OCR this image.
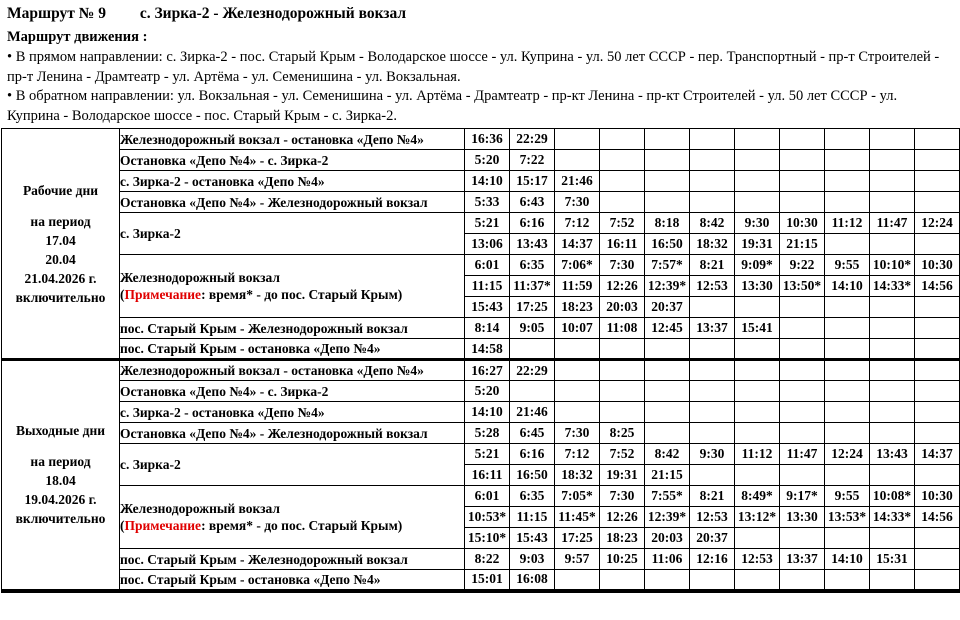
Маршрут № 9 с. Зирка-2 - Железнодорожный вокзал
Маршрут движения :

• В прямом направлении: с. Зирка-2 - пос. Старый Крым - Володарское шоссе - ул. Куприна - ул. 50 лет СССР - пер. Транспортный - пр-т Строителей - пр-т Ленина - Драмтеатр - ул. Артёма - ул. Семенишина - ул. Вокзальная.

• В обратном направлении: ул. Вокзальная - ул. Семенишина - ул. Артёма - Драмтеатр - пр-кт Ленина - пр-кт Строителей - ул. 50 лет СССР - ул. Куприна - Володарское шоссе - пос. Старый Крым - с. Зирка-2.

Рабочие дни
на период
17.04
20.04
21.04.2026 г.
включительно

Железнодорожный вокзал - остановка «Депо №4»	16:36	22:29									

	Остановка «Депо №4» - с. Зирка-2	5:20	7:22									

	с. Зирка-2 - остановка «Депо №4»	14:10	15:17	21:46								

	Остановка «Депо №4» - Железнодорожный вокзал	5:33	6:43	7:30								

	с. Зирка-2	5:21	6:16	7:12	7:52	8:18	8:42	9:30	10:30	11:12	11:47	12:24
		13:06	13:43	14:37	16:11	16:50	18:32	19:31	21:15			

	Железнодорожный вокзал
(Примечание: время* - до пос. Старый Крым)	6:01	6:35	7:06*	7:30	7:57*	8:21	9:09*	9:22	9:55	10:10*	10:30
		11:15	11:37*	11:59	12:26	12:39*	12:53	13:30	13:50*	14:10	14:33*	14:56
		15:43	17:25	18:23	20:03	20:37						

	пос. Старый Крым - Железнодорожный вокзал	8:14	9:05	10:07	11:08	12:45	13:37	15:41				

	пос. Старый Крым - остановка «Депо №4»	14:58										

Выходные дни
на период
18.04
19.04.2026 г.
включительно	Железнодорожный вокзал - остановка «Депо №4»	16:27	22:29									

	Остановка «Депо №4» - с. Зирка-2	5:20										

	с. Зирка-2 - остановка «Депо №4»	14:10	21:46									

	Остановка «Депо №4» - Железнодорожный вокзал	5:28	6:45	7:30	8:25							

	с. Зирка-2	5:21	6:16	7:12	7:52	8:42	9:30	11:12	11:47	12:24	13:43	14:37
		16:11	16:50	18:32	19:31	21:15						

	Железнодорожный вокзал
(Примечание: время* - до пос. Старый Крым)	6:01	6:35	7:05*	7:30	7:55*	8:21	8:49*	9:17*	9:55	10:08*	10:30
		10:53*	11:15	11:45*	12:26	12:39*	12:53	13:12*	13:30	13:53*	14:33*	14:56
		15:10*	15:43	17:25	18:23	20:03	20:37					

	пос. Старый Крым - Железнодорожный вокзал	8:22	9:03	9:57	10:25	11:06	12:16	12:53	13:37	14:10	15:31	

	пос. Старый Крым - остановка «Депо №4»	15:01	16:08									
